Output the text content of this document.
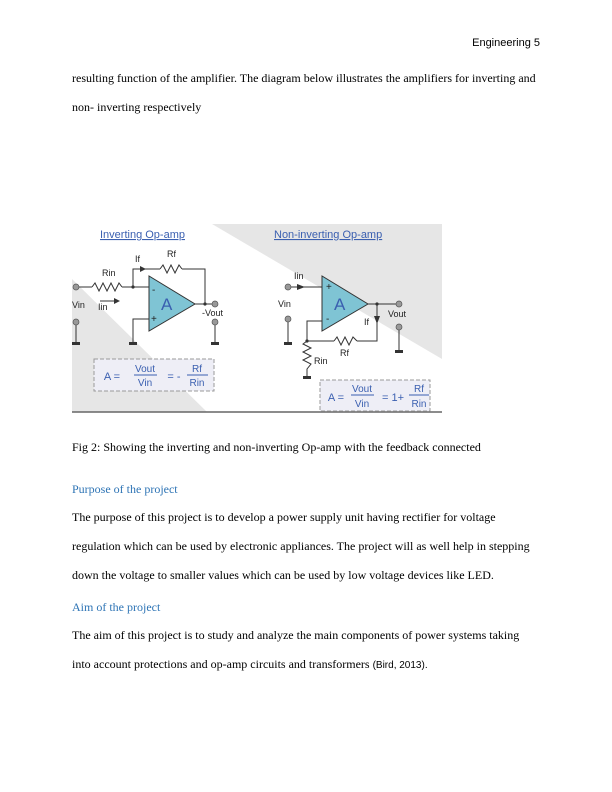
Engineering 5
resulting function of the amplifier. The diagram below illustrates the amplifiers for inverting and
non- inverting respectively
Inverting Op-amp
Rin
Rf
If
Iin
Vin
-Vout
-
+
A
A =
Vout
Vin
= -
Rf
Rin
Non-inverting Op-amp
Iin
Vin
Vout
If
Rf
Rin
+
-
A
A =
Vout
Vin
= 1+
Rf
Rin
Fig 2: Showing the inverting and non-inverting Op-amp with the feedback connected
Purpose of the project
The purpose of this project is to develop a power supply unit having rectifier for voltage
regulation which can be used by electronic appliances. The project will as well help in stepping
down the voltage to smaller values which can be used by low voltage devices like LED.
Aim of the project
The aim of this project is to study and analyze the main components of power systems taking
into account protections and op-amp circuits and transformers (Bird, 2013).
